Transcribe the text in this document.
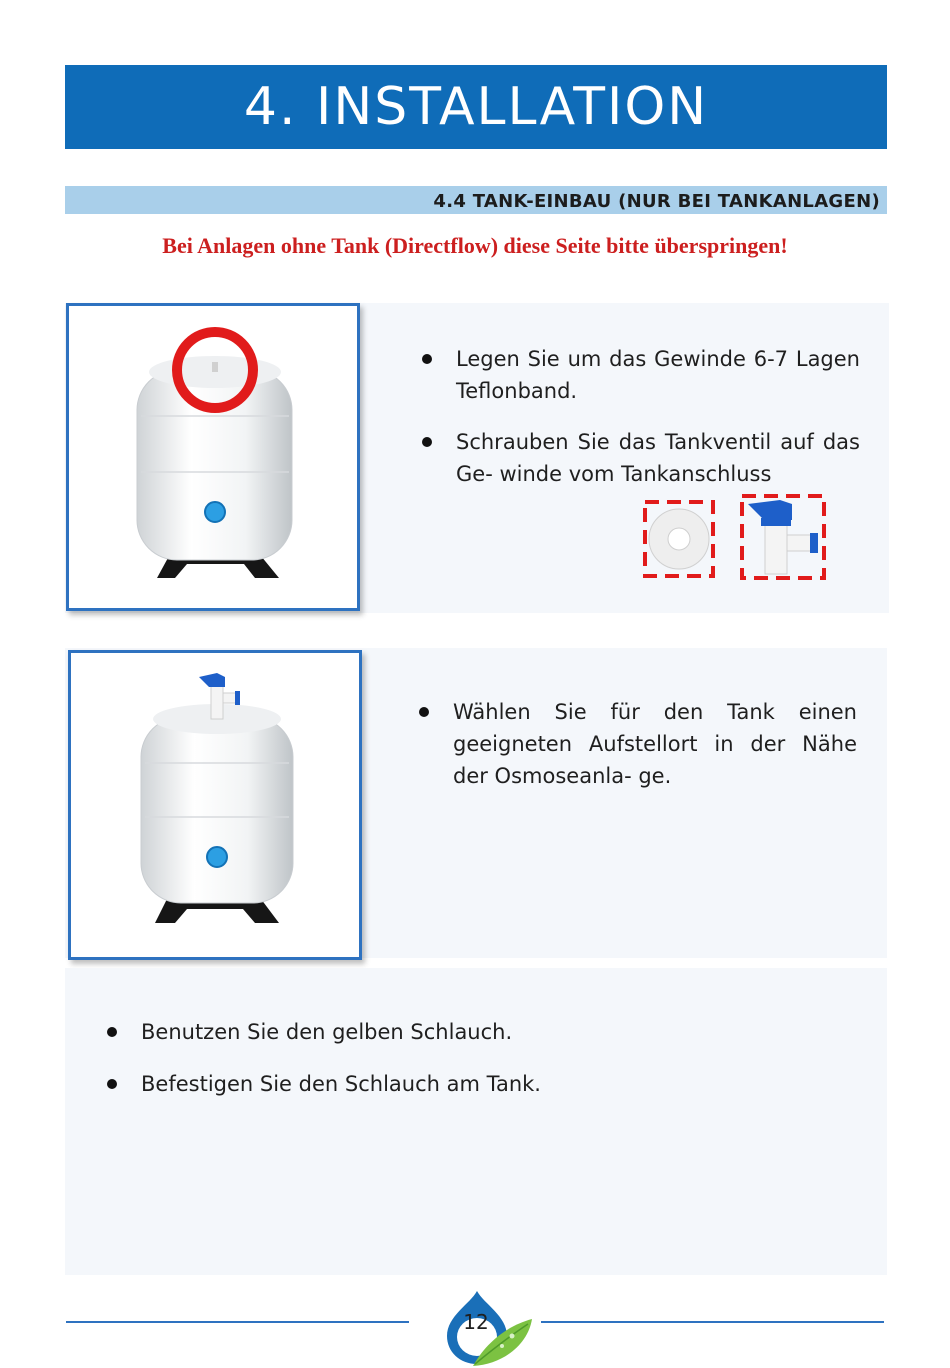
4. INSTALLATION
4.4 TANK-EINBAU (NUR BEI TANKANLAGEN)
Bei Anlagen ohne Tank (Directflow) diese Seite bitte überspringen!
Legen Sie um das Gewinde 6-7 Lagen Teflonband.
Schrauben Sie das Tankventil auf das Ge- winde vom Tankanschluss
Wählen Sie für den Tank einen geeigneten Aufstellort in der Nähe der Osmoseanla- ge.
Benutzen Sie den gelben Schlauch.
Befestigen Sie den Schlauch am Tank.
12
